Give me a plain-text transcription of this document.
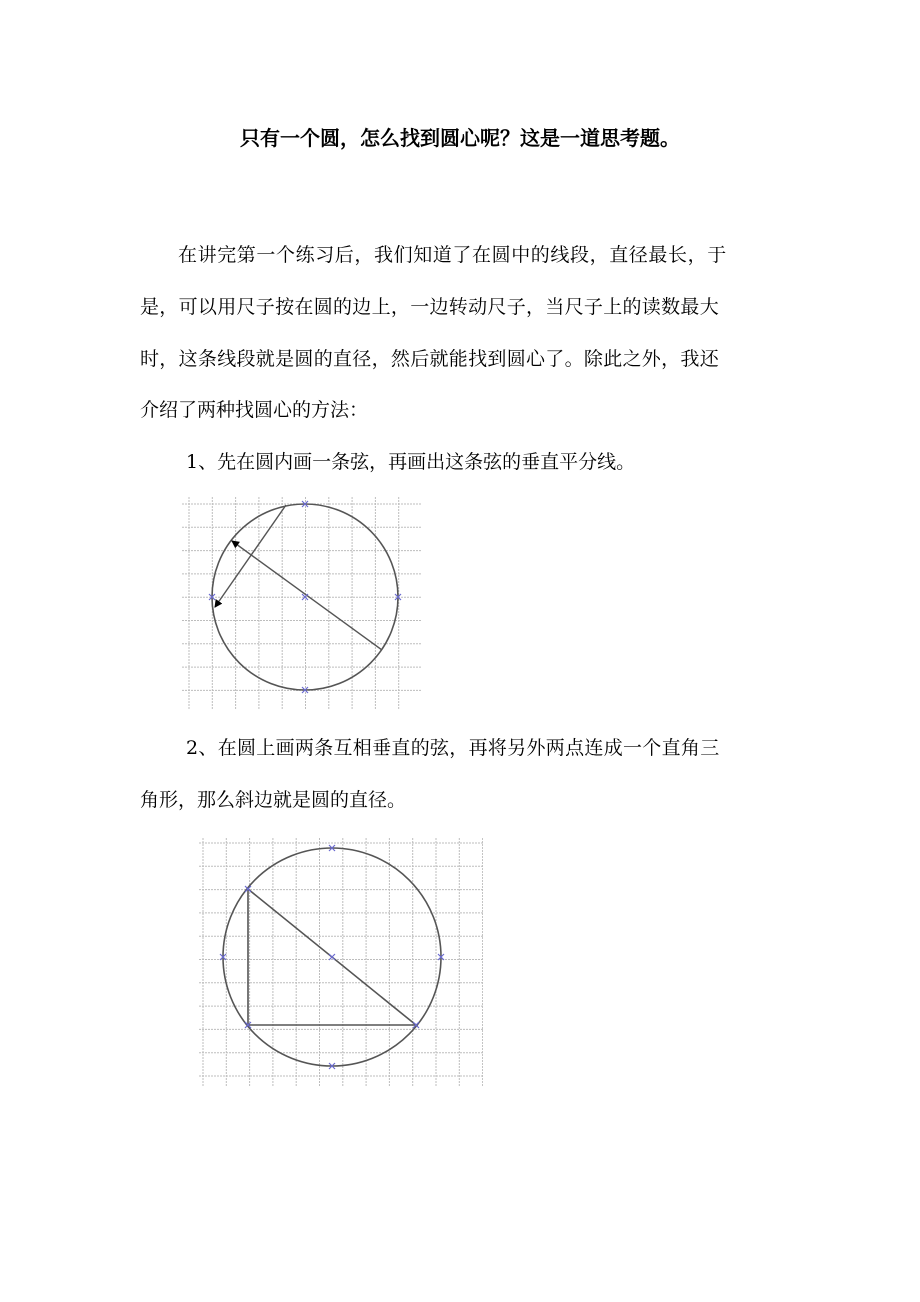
只有一个圆，怎么找到圆心呢？这是一道思考题。
在讲完第一个练习后，我们知道了在圆中的线段，直径最长，于
是，可以用尺子按在圆的边上，一边转动尺子，当尺子上的读数最大
时，这条线段就是圆的直径，然后就能找到圆心了。除此之外，我还
介绍了两种找圆心的方法：
1、先在圆内画一条弦，再画出这条弦的垂直平分线。
2、在圆上画两条互相垂直的弦，再将另外两点连成一个直角三
角形，那么斜边就是圆的直径。
